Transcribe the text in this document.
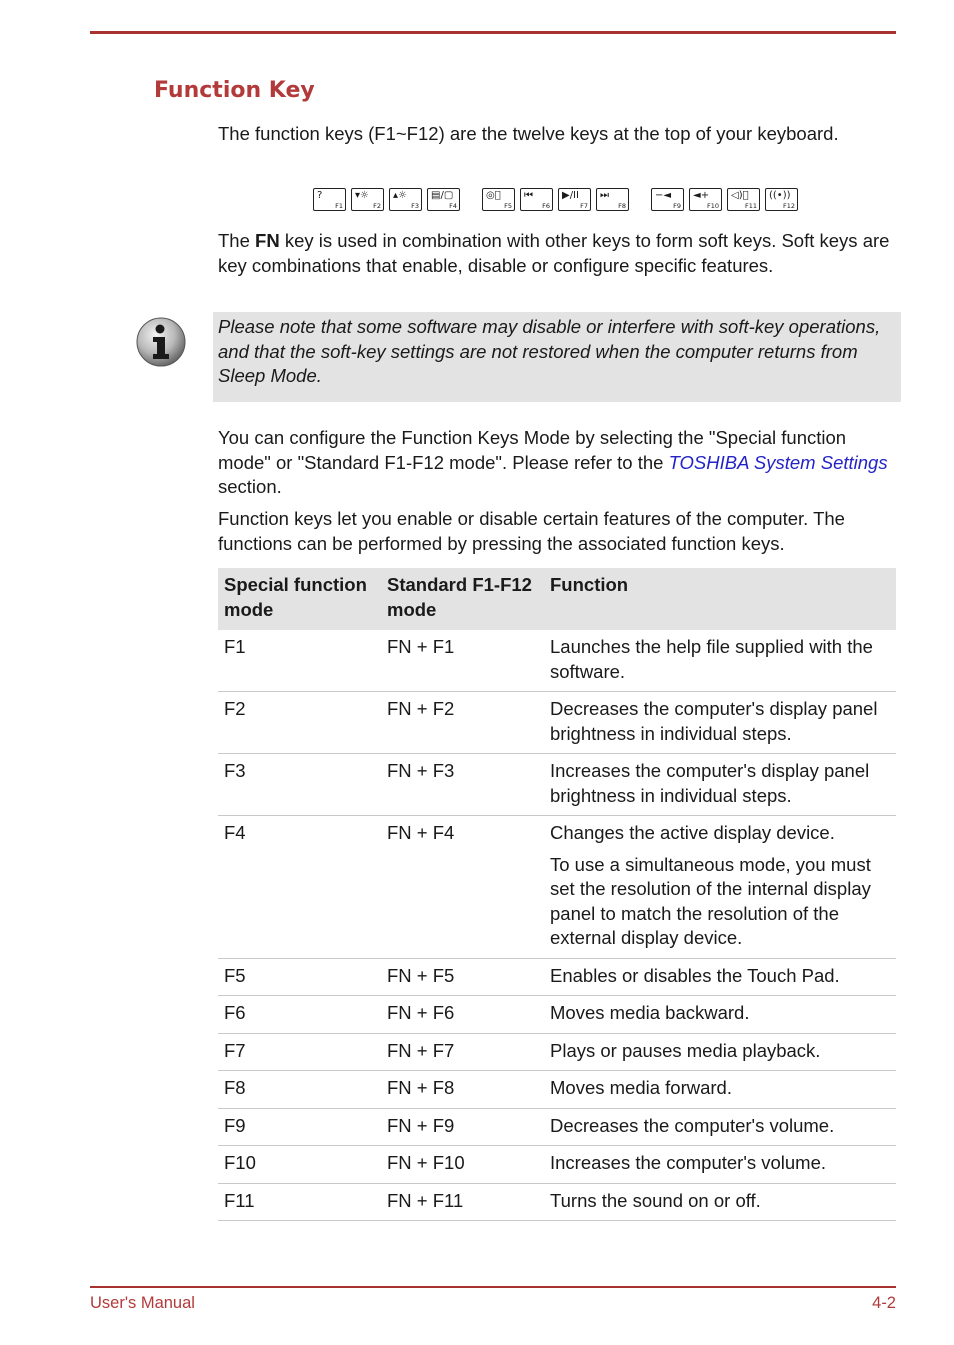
Function Key

The function keys (F1~F12) are the twelve keys at the top of your keyboard.

?
F1
▾☼
F2
▴☼
F3
▤/▢
F4
◎⃠
F5
⏮
F6
▶/II
F7
⏭
F8
−◄
F9
◄+
F10
◁)⃠
F11
((•))
F12

The FN key is used in combination with other keys to form soft keys. Soft keys are key combinations that enable, disable or configure specific features.

Please note that some software may disable or interfere with soft-key operations, and that the soft-key settings are not restored when the computer returns from Sleep Mode.

You can configure the Function Keys Mode by selecting the "Special function mode" or "Standard F1-F12 mode". Please refer to the TOSHIBA System Settings section.

Function keys let you enable or disable certain features of the computer. The functions can be performed by pressing the associated function keys.

Special function mode	Standard F1-F12 mode	Function
F1	FN + F1	Launches the help file supplied with the software.

F2	FN + F2	Decreases the computer's display panel brightness in individual steps.

F3	FN + F3	Increases the computer's display panel brightness in individual steps.

F4	FN + F4	Changes the active display device.

To use a simultaneous mode, you must set the resolution of the internal display panel to match the resolution of the external display device.

F5	FN + F5	Enables or disables the Touch Pad.

F6	FN + F6	Moves media backward.

F7	FN + F7	Plays or pauses media playback.

F8	FN + F8	Moves media forward.

F9	FN + F9	Decreases the computer's volume.

F10	FN + F10	Increases the computer's volume.

F11	FN + F11	Turns the sound on or off.

User's Manual	4-2
